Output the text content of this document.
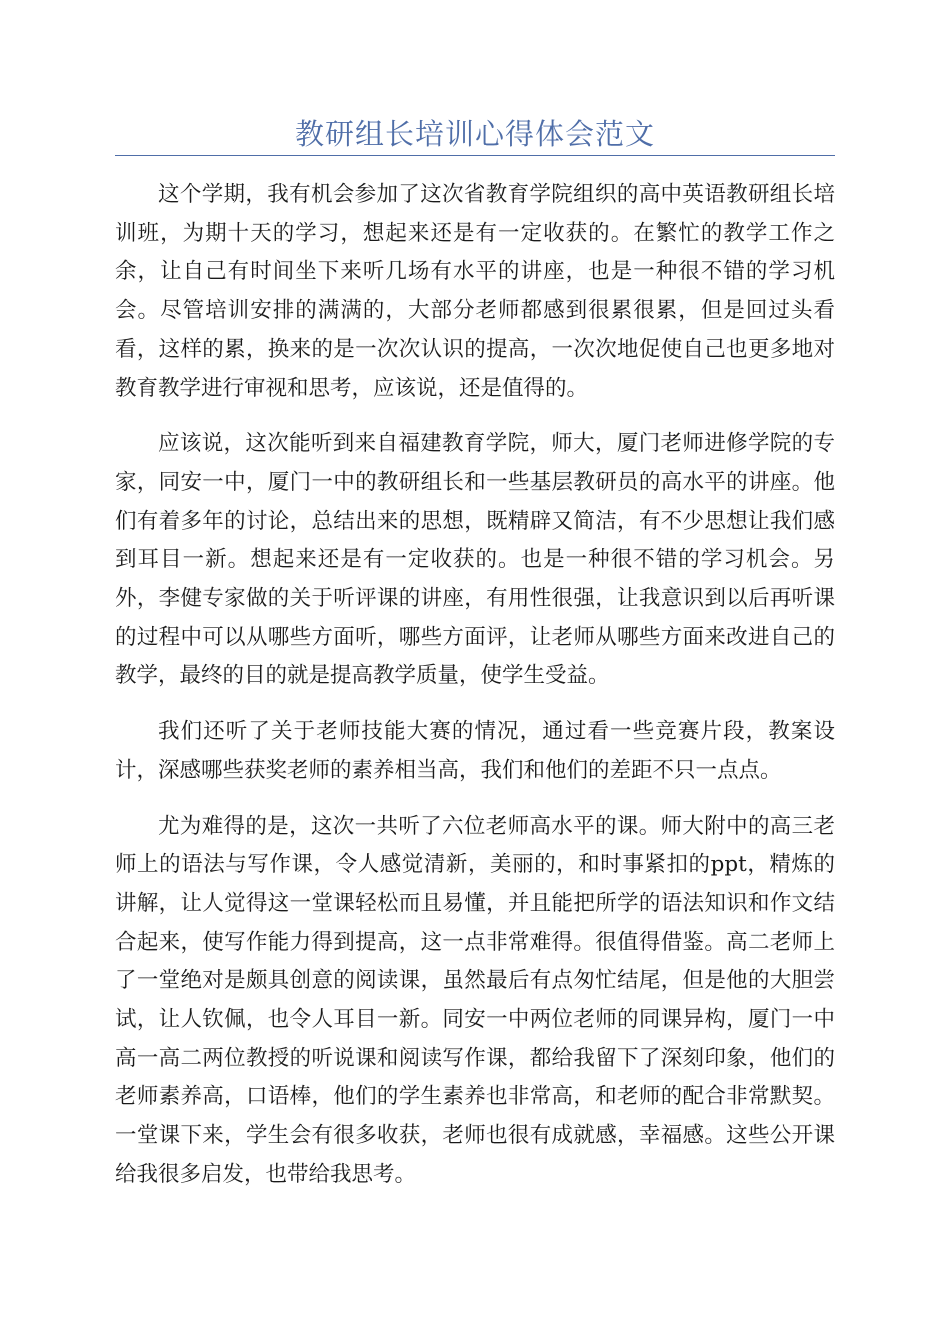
教研组长培训心得体会范文

这个学期，我有机会参加了这次省教育学院组织的高中英语教研组长培训班，为期十天的学习，想起来还是有一定收获的。在繁忙的教学工作之余，让自己有时间坐下来听几场有水平的讲座，也是一种很不错的学习机会。尽管培训安排的满满的，大部分老师都感到很累很累，但是回过头看看，这样的累，换来的是一次次认识的提高，一次次地促使自己也更多地对教育教学进行审视和思考，应该说，还是值得的。

应该说，这次能听到来自福建教育学院，师大，厦门老师进修学院的专家，同安一中，厦门一中的教研组长和一些基层教研员的高水平的讲座。他们有着多年的讨论，总结出来的思想，既精辟又简洁，有不少思想让我们感到耳目一新。想起来还是有一定收获的。也是一种很不错的学习机会。另外，李健专家做的关于听评课的讲座，有用性很强，让我意识到以后再听课的过程中可以从哪些方面听，哪些方面评，让老师从哪些方面来改进自己的教学，最终的目的就是提高教学质量，使学生受益。

我们还听了关于老师技能大赛的情况，通过看一些竞赛片段，教案设计，深感哪些获奖老师的素养相当高，我们和他们的差距不只一点点。

尤为难得的是，这次一共听了六位老师高水平的课。师大附中的高三老师上的语法与写作课，令人感觉清新，美丽的，和时事紧扣的ppt，精炼的讲解，让人觉得这一堂课轻松而且易懂，并且能把所学的语法知识和作文结合起来，使写作能力得到提高，这一点非常难得。很值得借鉴。高二老师上了一堂绝对是颇具创意的阅读课，虽然最后有点匆忙结尾，但是他的大胆尝试，让人钦佩，也令人耳目一新。同安一中两位老师的同课异构，厦门一中高一高二两位教授的听说课和阅读写作课，都给我留下了深刻印象，他们的老师素养高，口语棒，他们的学生素养也非常高，和老师的配合非常默契。一堂课下来，学生会有很多收获，老师也很有成就感，幸福感。这些公开课给我很多启发，也带给我思考。
